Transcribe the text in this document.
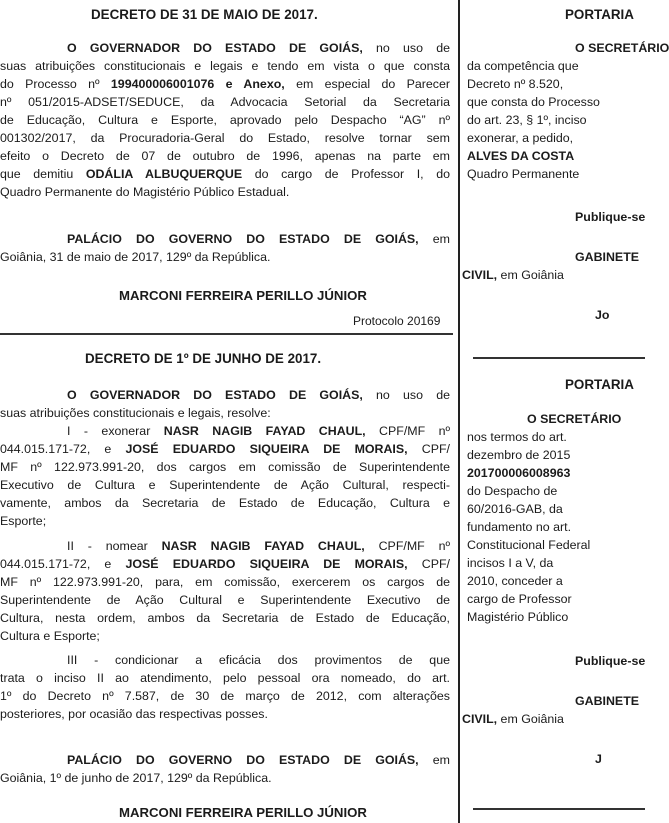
DECRETO DE 31 DE MAIO DE 2017.
O GOVERNADOR DO ESTADO DE GOIÁS, no uso de
suas atribuições constitucionais e legais e tendo em vista o que consta
do Processo nº 199400006001076 e Anexo, em especial do Parecer
nº 051/2015-ADSET/SEDUCE, da Advocacia Setorial da Secretaria
de Educação, Cultura e Esporte, aprovado pelo Despacho “AG” nº
001302/2017, da Procuradoria-Geral do Estado, resolve tornar sem
efeito o Decreto de 07 de outubro de 1996, apenas na parte em
que demitiu ODÁLIA ALBUQUERQUE do cargo de Professor I, do
Quadro Permanente do Magistério Público Estadual.
PALÁCIO DO GOVERNO DO ESTADO DE GOIÁS, em
Goiânia, 31 de maio de 2017, 129º da República.
MARCONI FERREIRA PERILLO JÚNIOR
Protocolo 20169
DECRETO DE 1º DE JUNHO DE 2017.
O GOVERNADOR DO ESTADO DE GOIÁS, no uso de
suas atribuições constitucionais e legais, resolve:
I - exonerar NASR NAGIB FAYAD CHAUL, CPF/MF nº
044.015.171-72, e JOSÉ EDUARDO SIQUEIRA DE MORAIS, CPF/
MF nº 122.973.991-20, dos cargos em comissão de Superintendente
Executivo de Cultura e Superintendente de Ação Cultural, respecti-
vamente, ambos da Secretaria de Estado de Educação, Cultura e
Esporte;
II - nomear NASR NAGIB FAYAD CHAUL, CPF/MF nº
044.015.171-72, e JOSÉ EDUARDO SIQUEIRA DE MORAIS, CPF/
MF nº 122.973.991-20, para, em comissão, exercerem os cargos de
Superintendente de Ação Cultural e Superintendente Executivo de
Cultura, nesta ordem, ambos da Secretaria de Estado de Educação,
Cultura e Esporte;
III - condicionar a eficácia dos provimentos de que
trata o inciso II ao atendimento, pelo pessoal ora nomeado, do art.
1º do Decreto nº 7.587, de 30 de março de 2012, com alterações
posteriores, por ocasião das respectivas posses.
PALÁCIO DO GOVERNO DO ESTADO DE GOIÁS, em
Goiânia, 1º de junho de 2017, 129º da República.
MARCONI FERREIRA PERILLO JÚNIOR
PORTARIA
O SECRETÁRIO
da competência que
Decreto nº 8.520,
que consta do Processo
do art. 23, § 1º, inciso
exonerar, a pedido,
ALVES DA COSTA
Quadro Permanente
Publique-se
GABINETE
CIVIL, em Goiânia
Jo
PORTARIA
O SECRETÁRIO
nos termos do art.
dezembro de 2015
201700006008963
do Despacho de
60/2016-GAB, da
fundamento no art.
Constitucional Federal
incisos I a V, da
2010, conceder a
cargo de Professor
Magistério Público
Publique-se
GABINETE
CIVIL, em Goiânia
J
